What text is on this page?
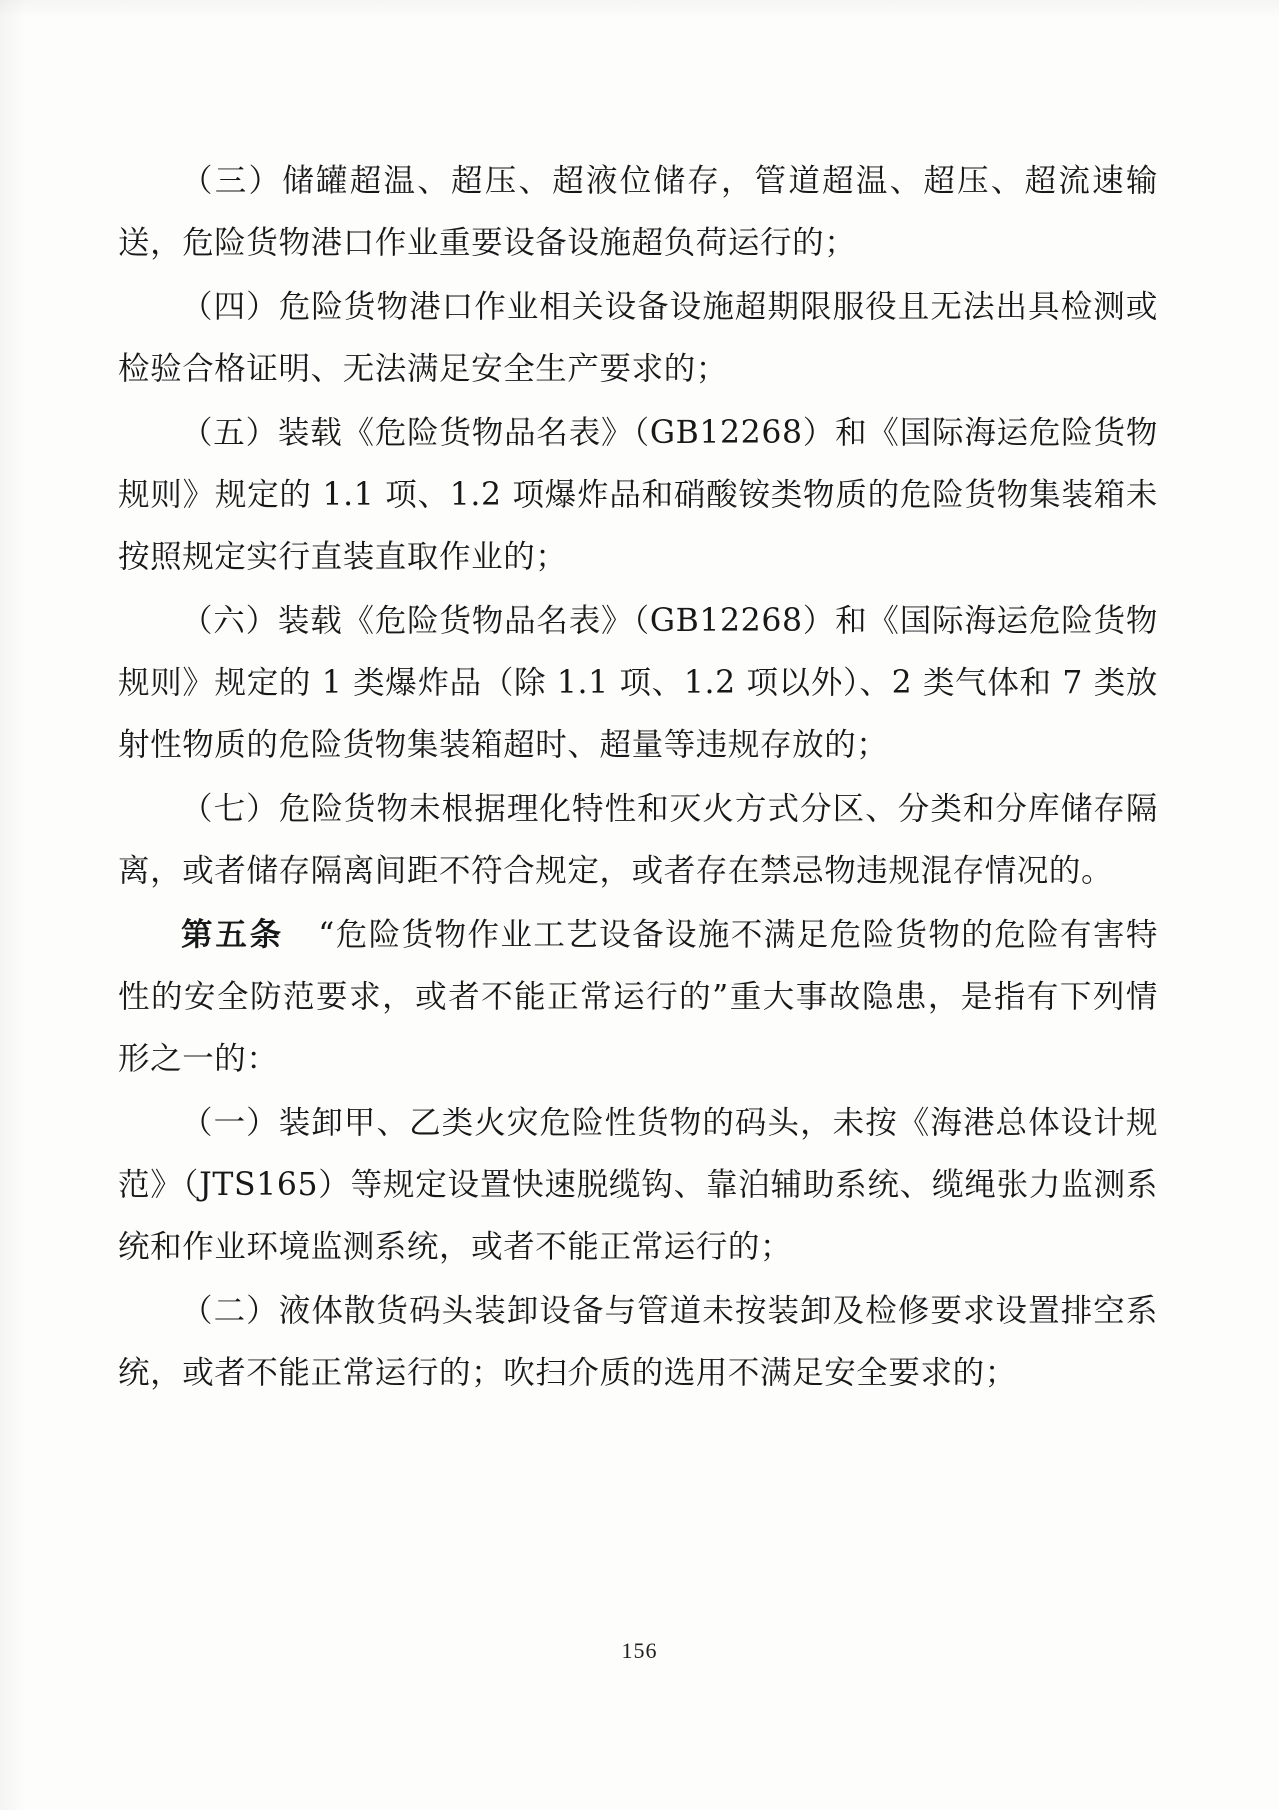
（三）储罐超温、超压、超液位储存，管道超温、超压、超流速输送，危险货物港口作业重要设备设施超负荷运行的；

（四）危险货物港口作业相关设备设施超期限服役且无法出具检测或检验合格证明、无法满足安全生产要求的；

（五）装载《危险货物品名表》（GB12268）和《国际海运危险货物规则》规定的 1.1 项、1.2 项爆炸品和硝酸铵类物质的危险货物集装箱未按照规定实行直装直取作业的；

（六）装载《危险货物品名表》（GB12268）和《国际海运危险货物规则》规定的 1 类爆炸品（除 1.1 项、1.2 项以外）、2 类气体和 7 类放射性物质的危险货物集装箱超时、超量等违规存放的；

（七）危险货物未根据理化特性和灭火方式分区、分类和分库储存隔离，或者储存隔离间距不符合规定，或者存在禁忌物违规混存情况的。

第五条 “危险货物作业工艺设备设施不满足危险货物的危险有害特性的安全防范要求，或者不能正常运行的”重大事故隐患，是指有下列情形之一的：

（一）装卸甲、乙类火灾危险性货物的码头，未按《海港总体设计规范》（JTS165）等规定设置快速脱缆钩、靠泊辅助系统、缆绳张力监测系统和作业环境监测系统，或者不能正常运行的；

（二）液体散货码头装卸设备与管道未按装卸及检修要求设置排空系统，或者不能正常运行的；吹扫介质的选用不满足安全要求的；

156
